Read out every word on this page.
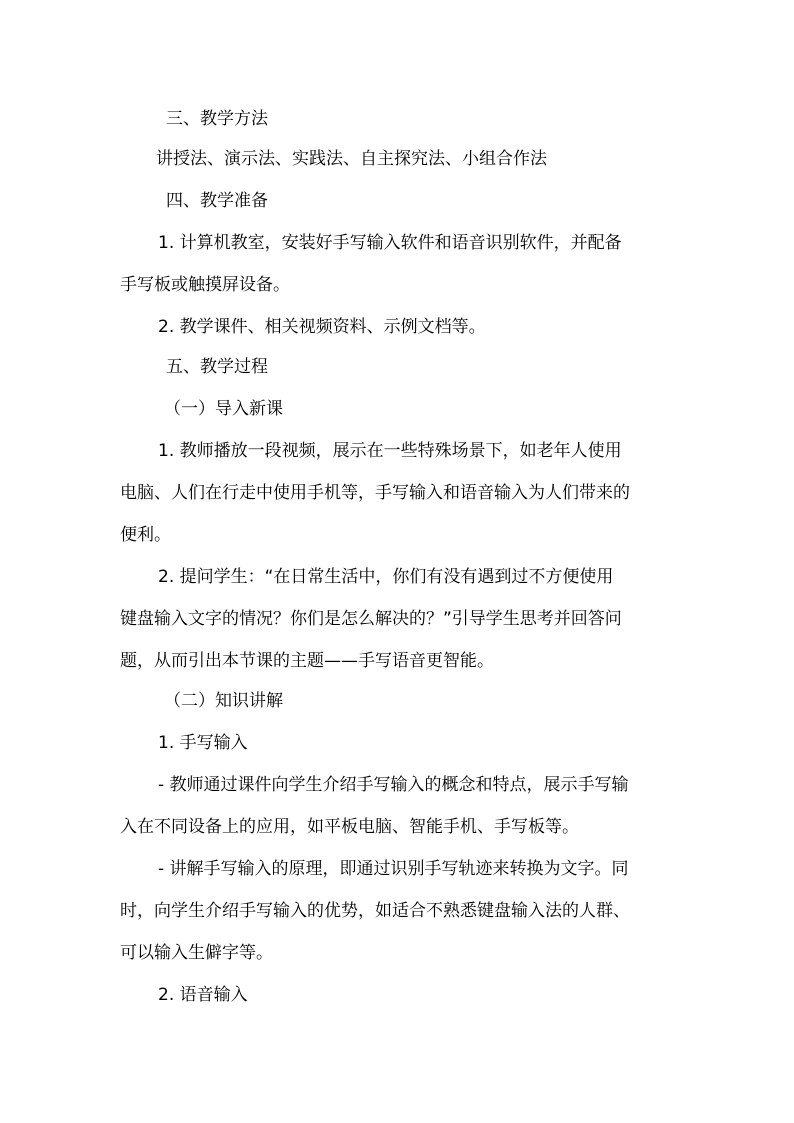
三、教学方法
讲授法、演示法、实践法、自主探究法、小组合作法
四、教学准备
1. 计算机教室，安装好手写输入软件和语音识别软件，并配备
手写板或触摸屏设备。
2. 教学课件、相关视频资料、示例文档等。
五、教学过程
（一）导入新课
1. 教师播放一段视频，展示在一些特殊场景下，如老年人使用
电脑、人们在行走中使用手机等，手写输入和语音输入为人们带来的
便利。
2. 提问学生：“在日常生活中，你们有没有遇到过不方便使用
键盘输入文字的情况？你们是怎么解决的？”引导学生思考并回答问
题，从而引出本节课的主题——手写语音更智能。
（二）知识讲解
1. 手写输入
- 教师通过课件向学生介绍手写输入的概念和特点，展示手写输
入在不同设备上的应用，如平板电脑、智能手机、手写板等。
- 讲解手写输入的原理，即通过识别手写轨迹来转换为文字。同
时，向学生介绍手写输入的优势，如适合不熟悉键盘输入法的人群、
可以输入生僻字等。
2. 语音输入
